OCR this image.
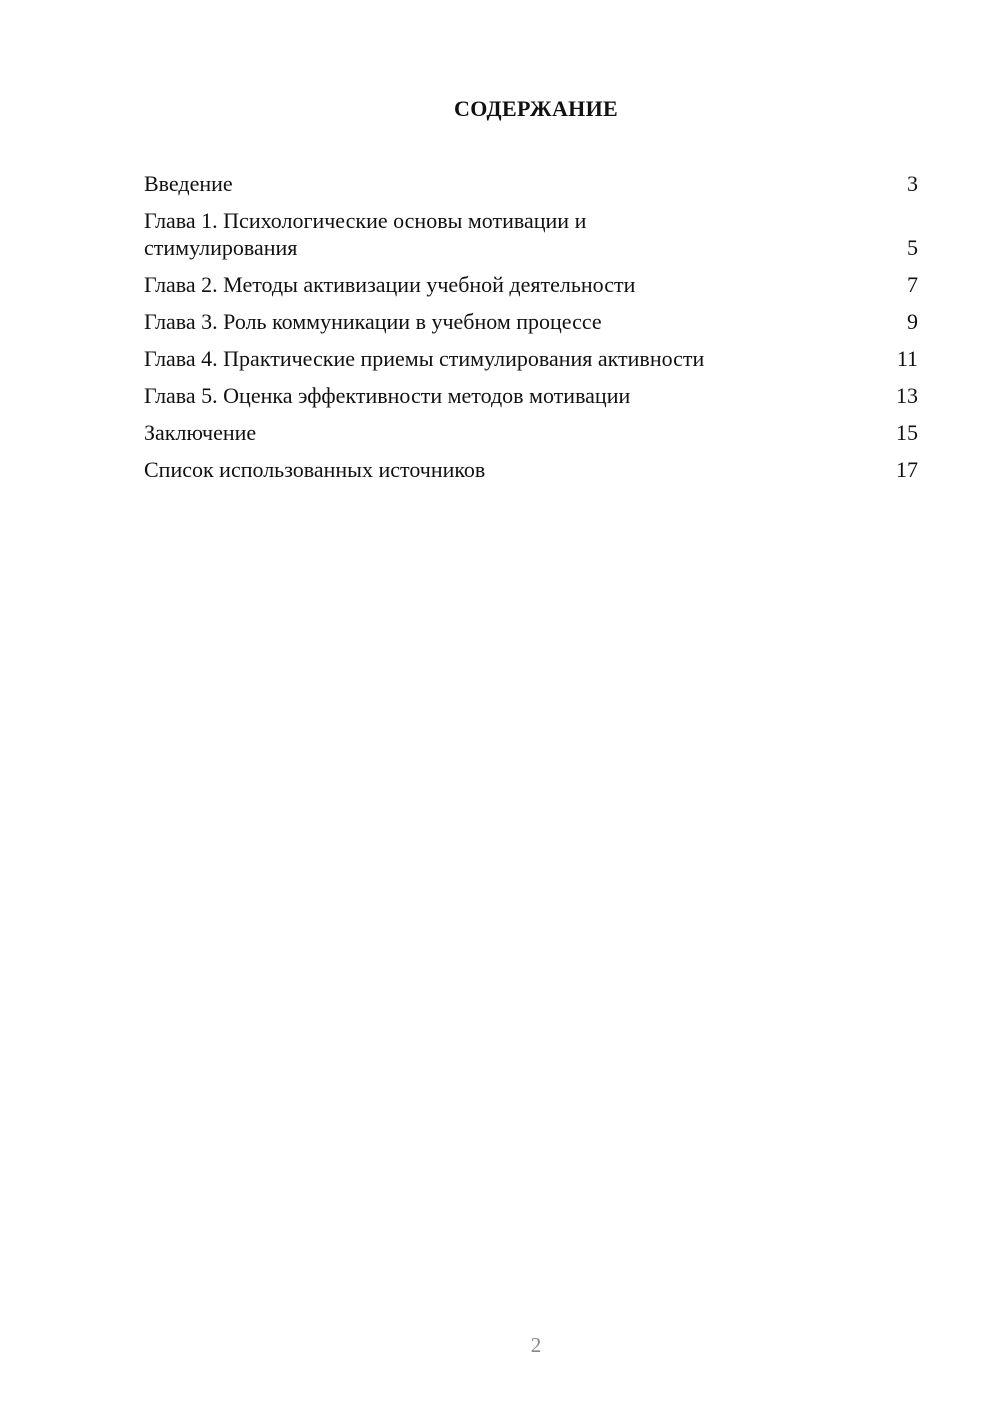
СОДЕРЖАНИЕ
Введение	3
Глава 1. Психологические основы мотивации и стимулирования	5
Глава 2. Методы активизации учебной деятельности	7
Глава 3. Роль коммуникации в учебном процессе	9
Глава 4. Практические приемы стимулирования активности	11
Глава 5. Оценка эффективности методов мотивации	13
Заключение	15
Список использованных источников	17
2
